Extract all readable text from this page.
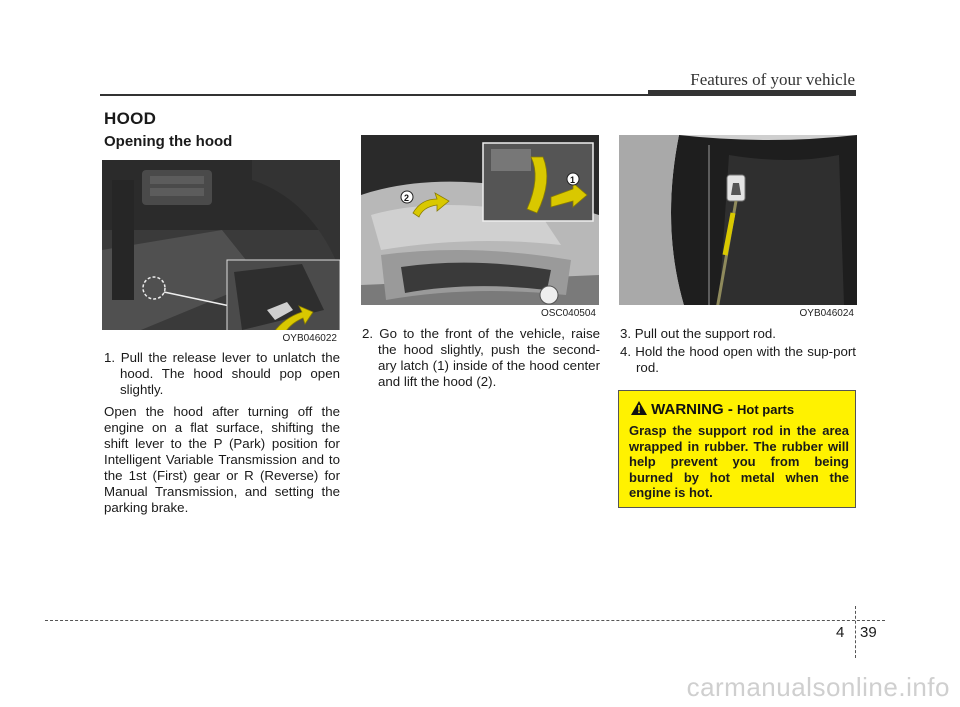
Features of your vehicle
HOOD
Opening the hood
OYB046022
1
2
OSC040504	OYB046024

1. Pull the release lever to unlatch the hood. The hood should pop open slightly.

Open the hood after turning off the engine on a flat surface, shifting the shift lever to the P (Park) position for Intelligent Variable Transmission and to the 1st (First) gear or R (Reverse) for Manual Transmission, and setting the parking brake.

2. Go to the front of the vehicle, raise the hood slightly, push the second-ary latch (1) inside of the hood center and lift the hood (2).

3. Pull out the support rod.

4. Hold the hood open with the sup-port rod.

WARNING - Hot parts
Grasp the support rod in the area wrapped in rubber. The rubber will help prevent you from being burned by hot metal when the engine is hot.
4 39
carmanualsonline.info
